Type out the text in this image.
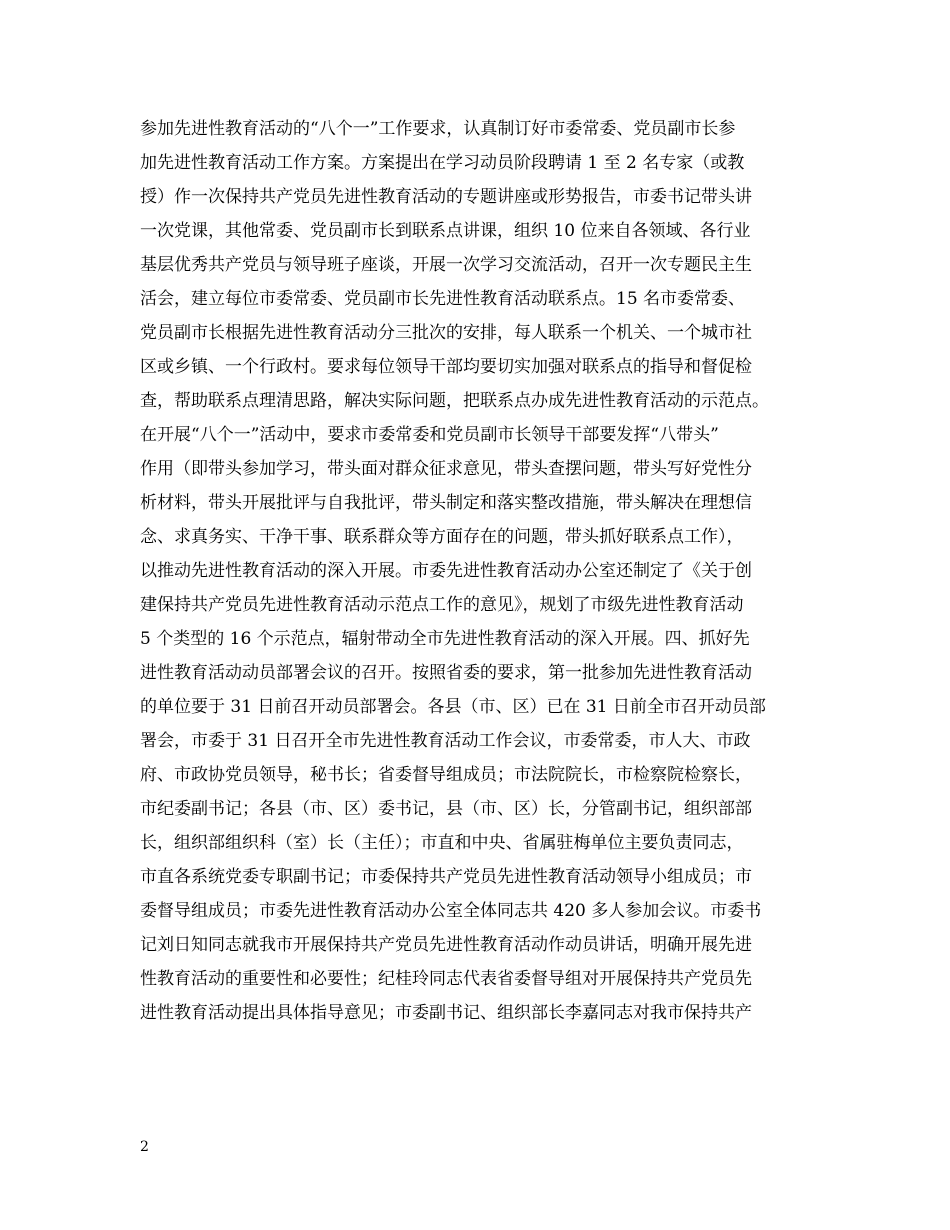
参加先进性教育活动的“八个一”工作要求，认真制订好市委常委、党员副市长参
加先进性教育活动工作方案。方案提出在学习动员阶段聘请 1 至 2 名专家（或教
授）作一次保持共产党员先进性教育活动的专题讲座或形势报告，市委书记带头讲
一次党课，其他常委、党员副市长到联系点讲课，组织 10 位来自各领域、各行业
基层优秀共产党员与领导班子座谈，开展一次学习交流活动，召开一次专题民主生
活会，建立每位市委常委、党员副市长先进性教育活动联系点。15 名市委常委、
党员副市长根据先进性教育活动分三批次的安排，每人联系一个机关、一个城市社
区或乡镇、一个行政村。要求每位领导干部均要切实加强对联系点的指导和督促检
查，帮助联系点理清思路，解决实际问题，把联系点办成先进性教育活动的示范点。
在开展“八个一”活动中，要求市委常委和党员副市长领导干部要发挥“八带头”
作用（即带头参加学习，带头面对群众征求意见，带头查摆问题，带头写好党性分
析材料，带头开展批评与自我批评，带头制定和落实整改措施，带头解决在理想信
念、求真务实、干净干事、联系群众等方面存在的问题，带头抓好联系点工作），
以推动先进性教育活动的深入开展。市委先进性教育活动办公室还制定了《关于创
建保持共产党员先进性教育活动示范点工作的意见》，规划了市级先进性教育活动
5 个类型的 16 个示范点，辐射带动全市先进性教育活动的深入开展。四、抓好先
进性教育活动动员部署会议的召开。按照省委的要求，第一批参加先进性教育活动
的单位要于 31 日前召开动员部署会。各县（市、区）已在 31 日前全市召开动员部
署会，市委于 31 日召开全市先进性教育活动工作会议，市委常委，市人大、市政
府、市政协党员领导，秘书长；省委督导组成员；市法院院长，市检察院检察长，
市纪委副书记；各县（市、区）委书记，县（市、区）长，分管副书记，组织部部
长，组织部组织科（室）长（主任）；市直和中央、省属驻梅单位主要负责同志，
市直各系统党委专职副书记；市委保持共产党员先进性教育活动领导小组成员；市
委督导组成员；市委先进性教育活动办公室全体同志共 420 多人参加会议。市委书
记刘日知同志就我市开展保持共产党员先进性教育活动作动员讲话，明确开展先进
性教育活动的重要性和必要性；纪桂玲同志代表省委督导组对开展保持共产党员先
进性教育活动提出具体指导意见；市委副书记、组织部长李嘉同志对我市保持共产
2
